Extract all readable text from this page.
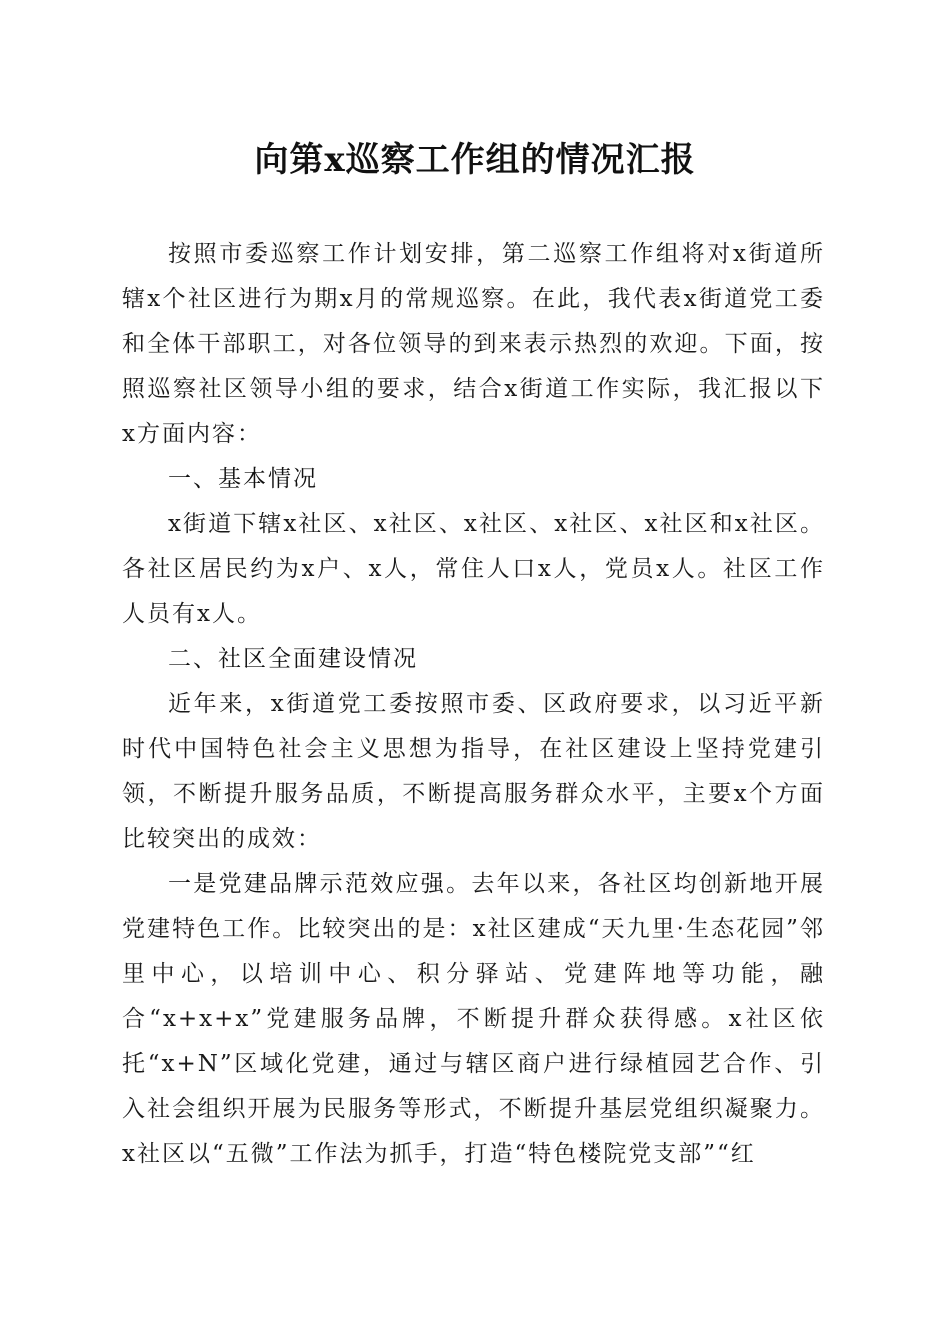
向第x巡察工作组的情况汇报

按照市委巡察工作计划安排，第二巡察工作组将对x街道所辖x个社区进行为期x月的常规巡察。在此，我代表x街道党工委和全体干部职工，对各位领导的到来表示热烈的欢迎。下面，按照巡察社区领导小组的要求，结合x街道工作实际，我汇报以下x方面内容：

一、基本情况

x街道下辖x社区、x社区、x社区、x社区、x社区和x社区。各社区居民约为x户、x人，常住人口x人，党员x人。社区工作人员有x人。

二、社区全面建设情况

近年来，x街道党工委按照市委、区政府要求，以习近平新时代中国特色社会主义思想为指导，在社区建设上坚持党建引领，不断提升服务品质，不断提高服务群众水平，主要x个方面比较突出的成效：

一是党建品牌示范效应强。去年以来，各社区均创新地开展党建特色工作。比较突出的是：x社区建成“天九里·生态花园”邻里中心，以培训中心、积分驿站、党建阵地等功能，融合“x+x+x”党建服务品牌，不断提升群众获得感。x社区依托“x+N”区域化党建，通过与辖区商户进行绿植园艺合作、引入社会组织开展为民服务等形式，不断提升基层党组织凝聚力。x社区以“五微”工作法为抓手，打造“特色楼院党支部”“红
